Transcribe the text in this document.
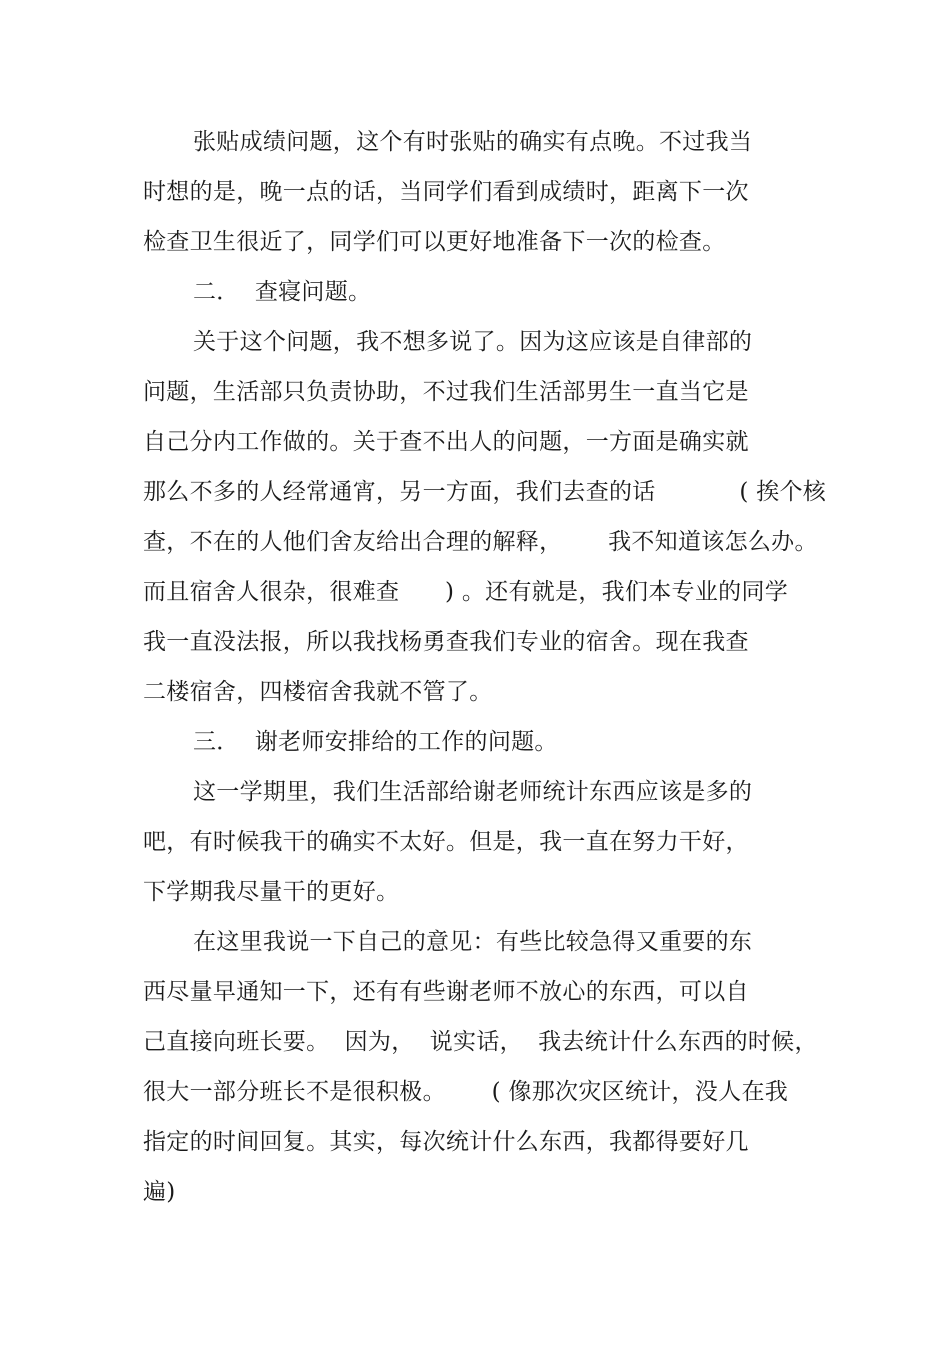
张贴成绩问题，这个有时张贴的确实有点晚。不过我当

时想的是，晚一点的话，当同学们看到成绩时，距离下一次

检查卫生很近了，同学们可以更好地准备下一次的检查。

二．  查寝问题。

关于这个问题，我不想多说了。因为这应该是自律部的

问题，生活部只负责协助，不过我们生活部男生一直当它是

自己分内工作做的。关于查不出人的问题，一方面是确实就

那么不多的人经常通宵，另一方面，我们去查的话           ( 挨个核

查，不在的人他们舍友给出合理的解释，      我不知道该怎么办。

而且宿舍人很杂，很难查      ) 。还有就是，我们本专业的同学

我一直没法报，所以我找杨勇查我们专业的宿舍。现在我查

二楼宿舍，四楼宿舍我就不管了。

三．  谢老师安排给的工作的问题。

这一学期里，我们生活部给谢老师统计东西应该是多的

吧，有时候我干的确实不太好。但是，我一直在努力干好，

下学期我尽量干的更好。

在这里我说一下自己的意见：有些比较急得又重要的东

西尽量早通知一下，还有有些谢老师不放心的东西，可以自

己直接向班长要。  因为，  说实话，  我去统计什么东西的时候，

很大一部分班长不是很积极。      ( 像那次灾区统计，没人在我

指定的时间回复。其实，每次统计什么东西，我都得要好几

遍)
